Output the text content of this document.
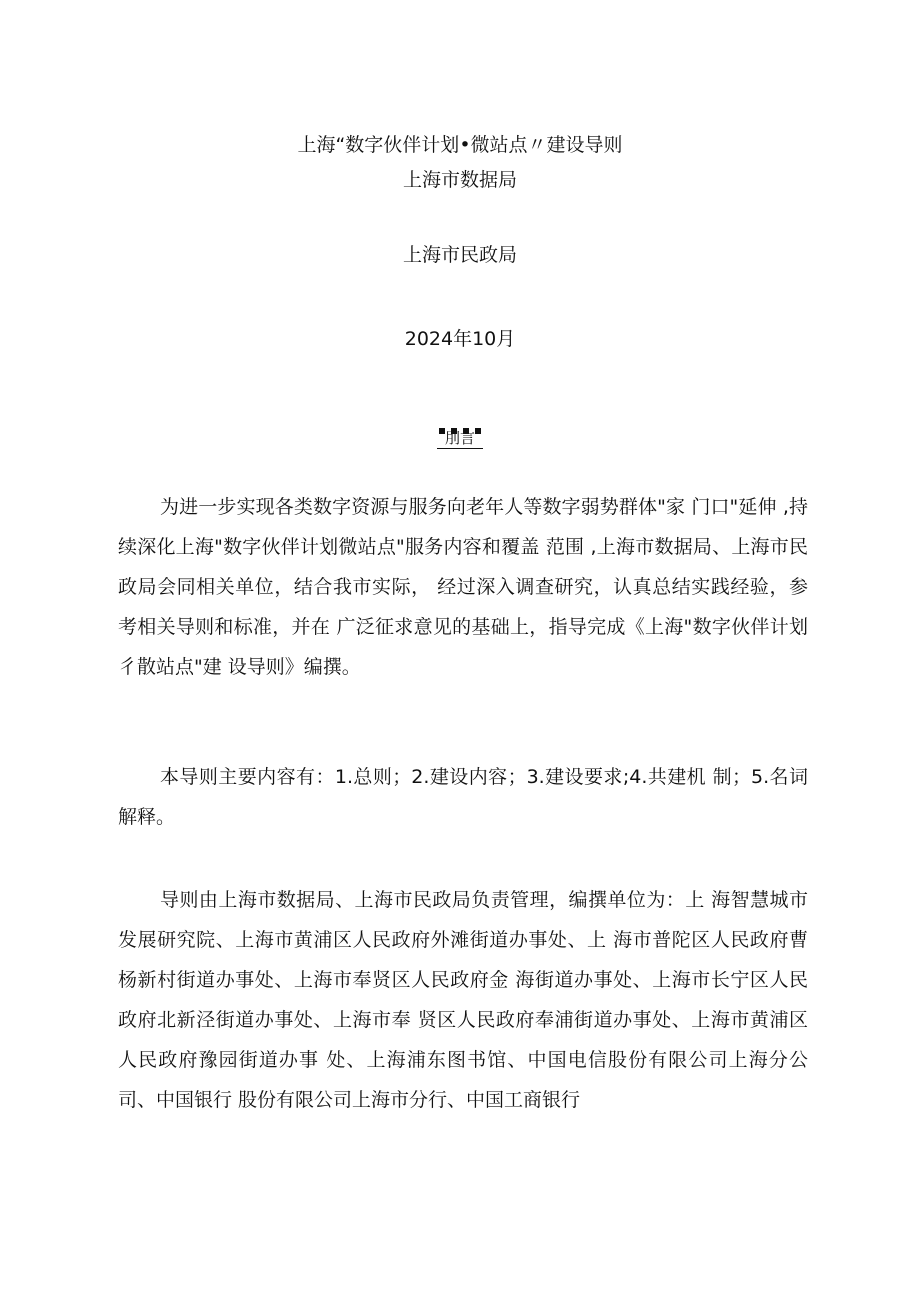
上海“数字伙伴计划•微站点〃建设导则
上海市数据局
上海市民政局
2024年10月
刖言

为进一步实现各类数字资源与服务向老年人等数字弱势群体"家 门口"延伸 ,持续深化上海"数字伙伴计划微站点"服务内容和覆盖 范围 ,上海市数据局、上海市民政局会同相关单位，结合我市实际， 经过深入调查研究，认真总结实践经验，参考相关导则和标准，并在 广泛征求意见的基础上，指导完成《上海"数字伙伴计划彳散站点"建 设导则》编撰。

本导则主要内容有：1.总则；2.建设内容；3.建设要求;4.共建机 制；5.名词解释。

导则由上海市数据局、上海市民政局负责管理，编撰单位为：上 海智慧城市发展研究院、上海市黄浦区人民政府外滩街道办事处、上 海市普陀区人民政府曹杨新村街道办事处、上海市奉贤区人民政府金 海街道办事处、上海市长宁区人民政府北新泾街道办事处、上海市奉 贤区人民政府奉浦街道办事处、上海市黄浦区人民政府豫园街道办事 处、上海浦东图书馆、中国电信股份有限公司上海分公司、中国银行 股份有限公司上海市分行、中国工商银行
